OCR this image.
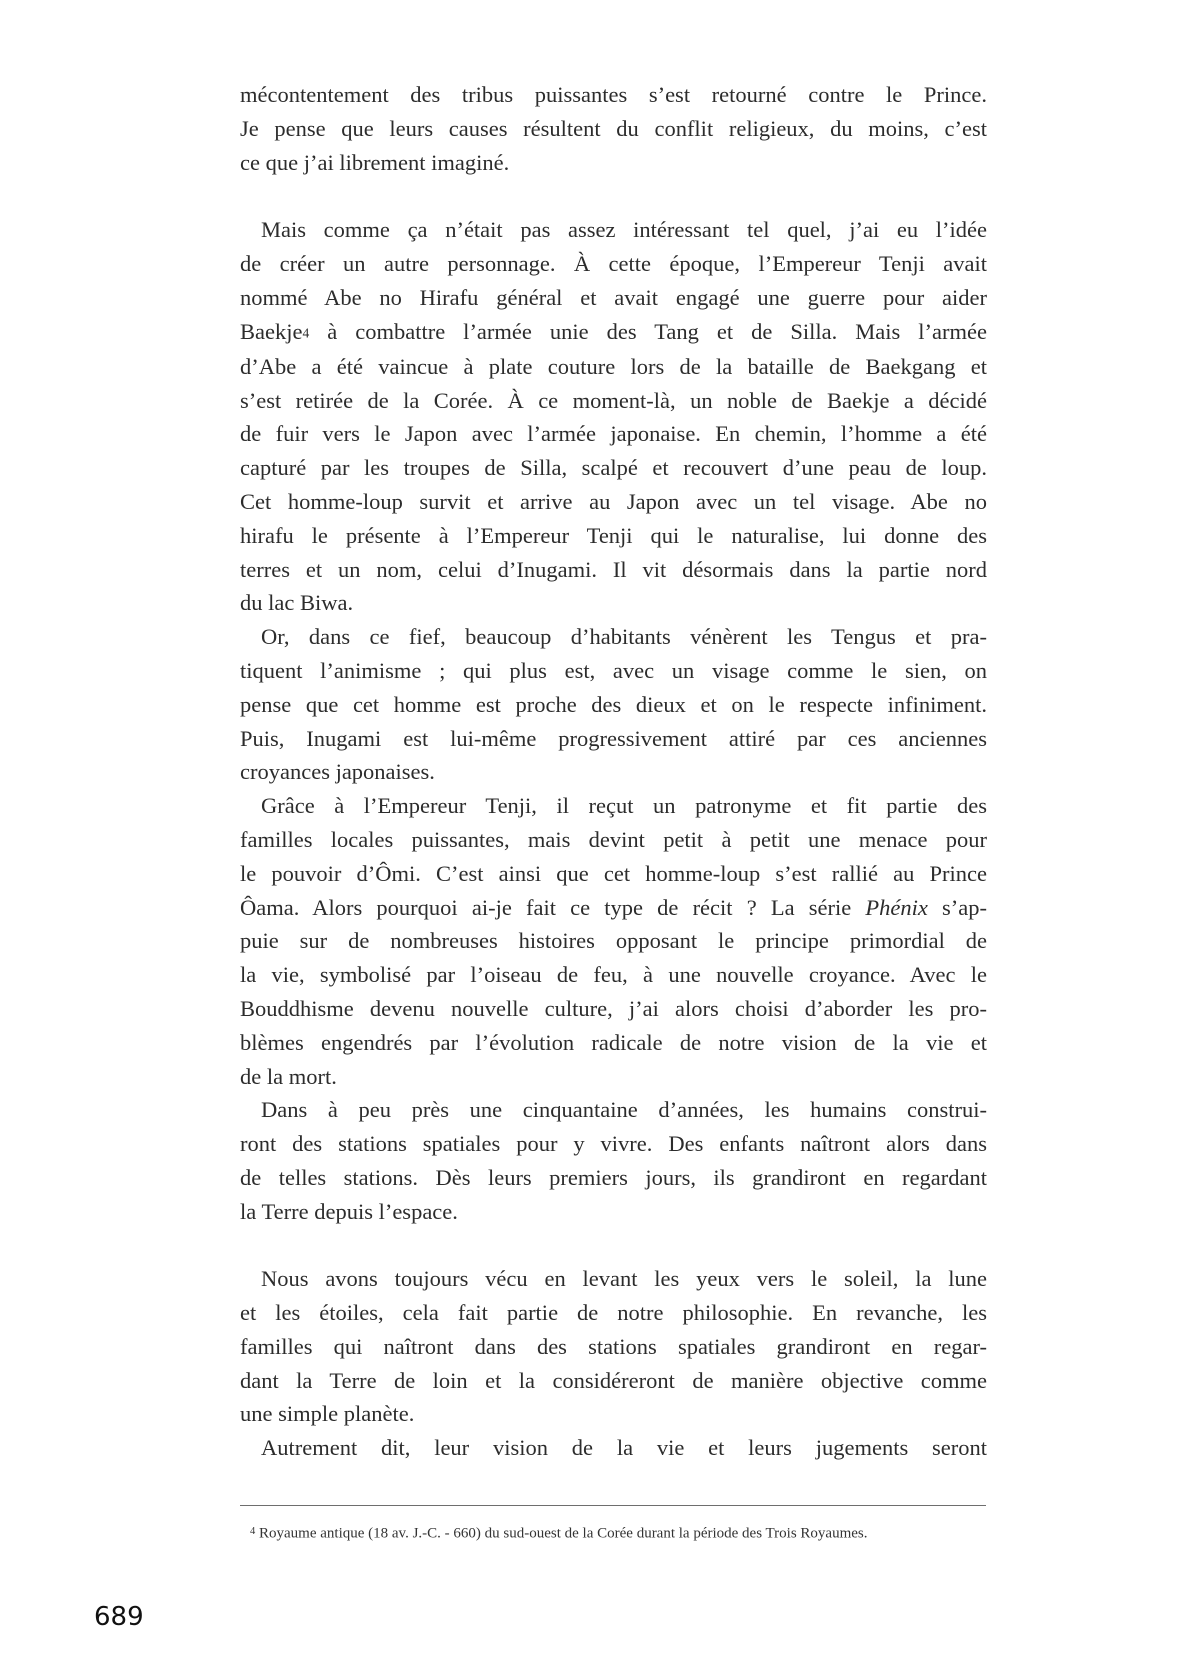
mécontentement des tribus puissantes s’est retourné contre le Prince.
Je pense que leurs causes résultent du conflit religieux, du moins, c’est
ce que j’ai librement imaginé.
Mais comme ça n’était pas assez intéressant tel quel, j’ai eu l’idée
de créer un autre personnage. À cette époque, l’Empereur Tenji avait
nommé Abe no Hirafu général et avait engagé une guerre pour aider
Baekje$^4$ à combattre l’armée unie des Tang et de Silla. Mais l’armée
d’Abe a été vaincue à plate couture lors de la bataille de Baekgang et
s’est retirée de la Corée. À ce moment-là, un noble de Baekje a décidé
de fuir vers le Japon avec l’armée japonaise. En chemin, l’homme a été
capturé par les troupes de Silla, scalpé et recouvert d’une peau de loup.
Cet homme-loup survit et arrive au Japon avec un tel visage. Abe no
hirafu le présente à l’Empereur Tenji qui le naturalise, lui donne des
terres et un nom, celui d’Inugami. Il vit désormais dans la partie nord
du lac Biwa.
Or, dans ce fief, beaucoup d’habitants vénèrent les Tengus et pra-
tiquent l’animisme ; qui plus est, avec un visage comme le sien, on
pense que cet homme est proche des dieux et on le respecte infiniment.
Puis, Inugami est lui-même progressivement attiré par ces anciennes
croyances japonaises.
Grâce à l’Empereur Tenji, il reçut un patronyme et fit partie des
familles locales puissantes, mais devint petit à petit une menace pour
le pouvoir d’Ômi. C’est ainsi que cet homme-loup s’est rallié au Prince
Ôama. Alors pourquoi ai-je fait ce type de récit ? La série Phénix s’ap-
puie sur de nombreuses histoires opposant le principe primordial de
la vie, symbolisé par l’oiseau de feu, à une nouvelle croyance. Avec le
Bouddhisme devenu nouvelle culture, j’ai alors choisi d’aborder les pro-
blèmes engendrés par l’évolution radicale de notre vision de la vie et
de la mort.
Dans à peu près une cinquantaine d’années, les humains construi-
ront des stations spatiales pour y vivre. Des enfants naîtront alors dans
de telles stations. Dès leurs premiers jours, ils grandiront en regardant
la Terre depuis l’espace.
Nous avons toujours vécu en levant les yeux vers le soleil, la lune
et les étoiles, cela fait partie de notre philosophie. En revanche, les
familles qui naîtront dans des stations spatiales grandiront en regar-
dant la Terre de loin et la considéreront de manière objective comme
une simple planète.
Autrement dit, leur vision de la vie et leurs jugements seront
$^4$ Royaume antique (18 av. J.-C. - 660) du sud-ouest de la Corée durant la période des Trois Royaumes.
689
